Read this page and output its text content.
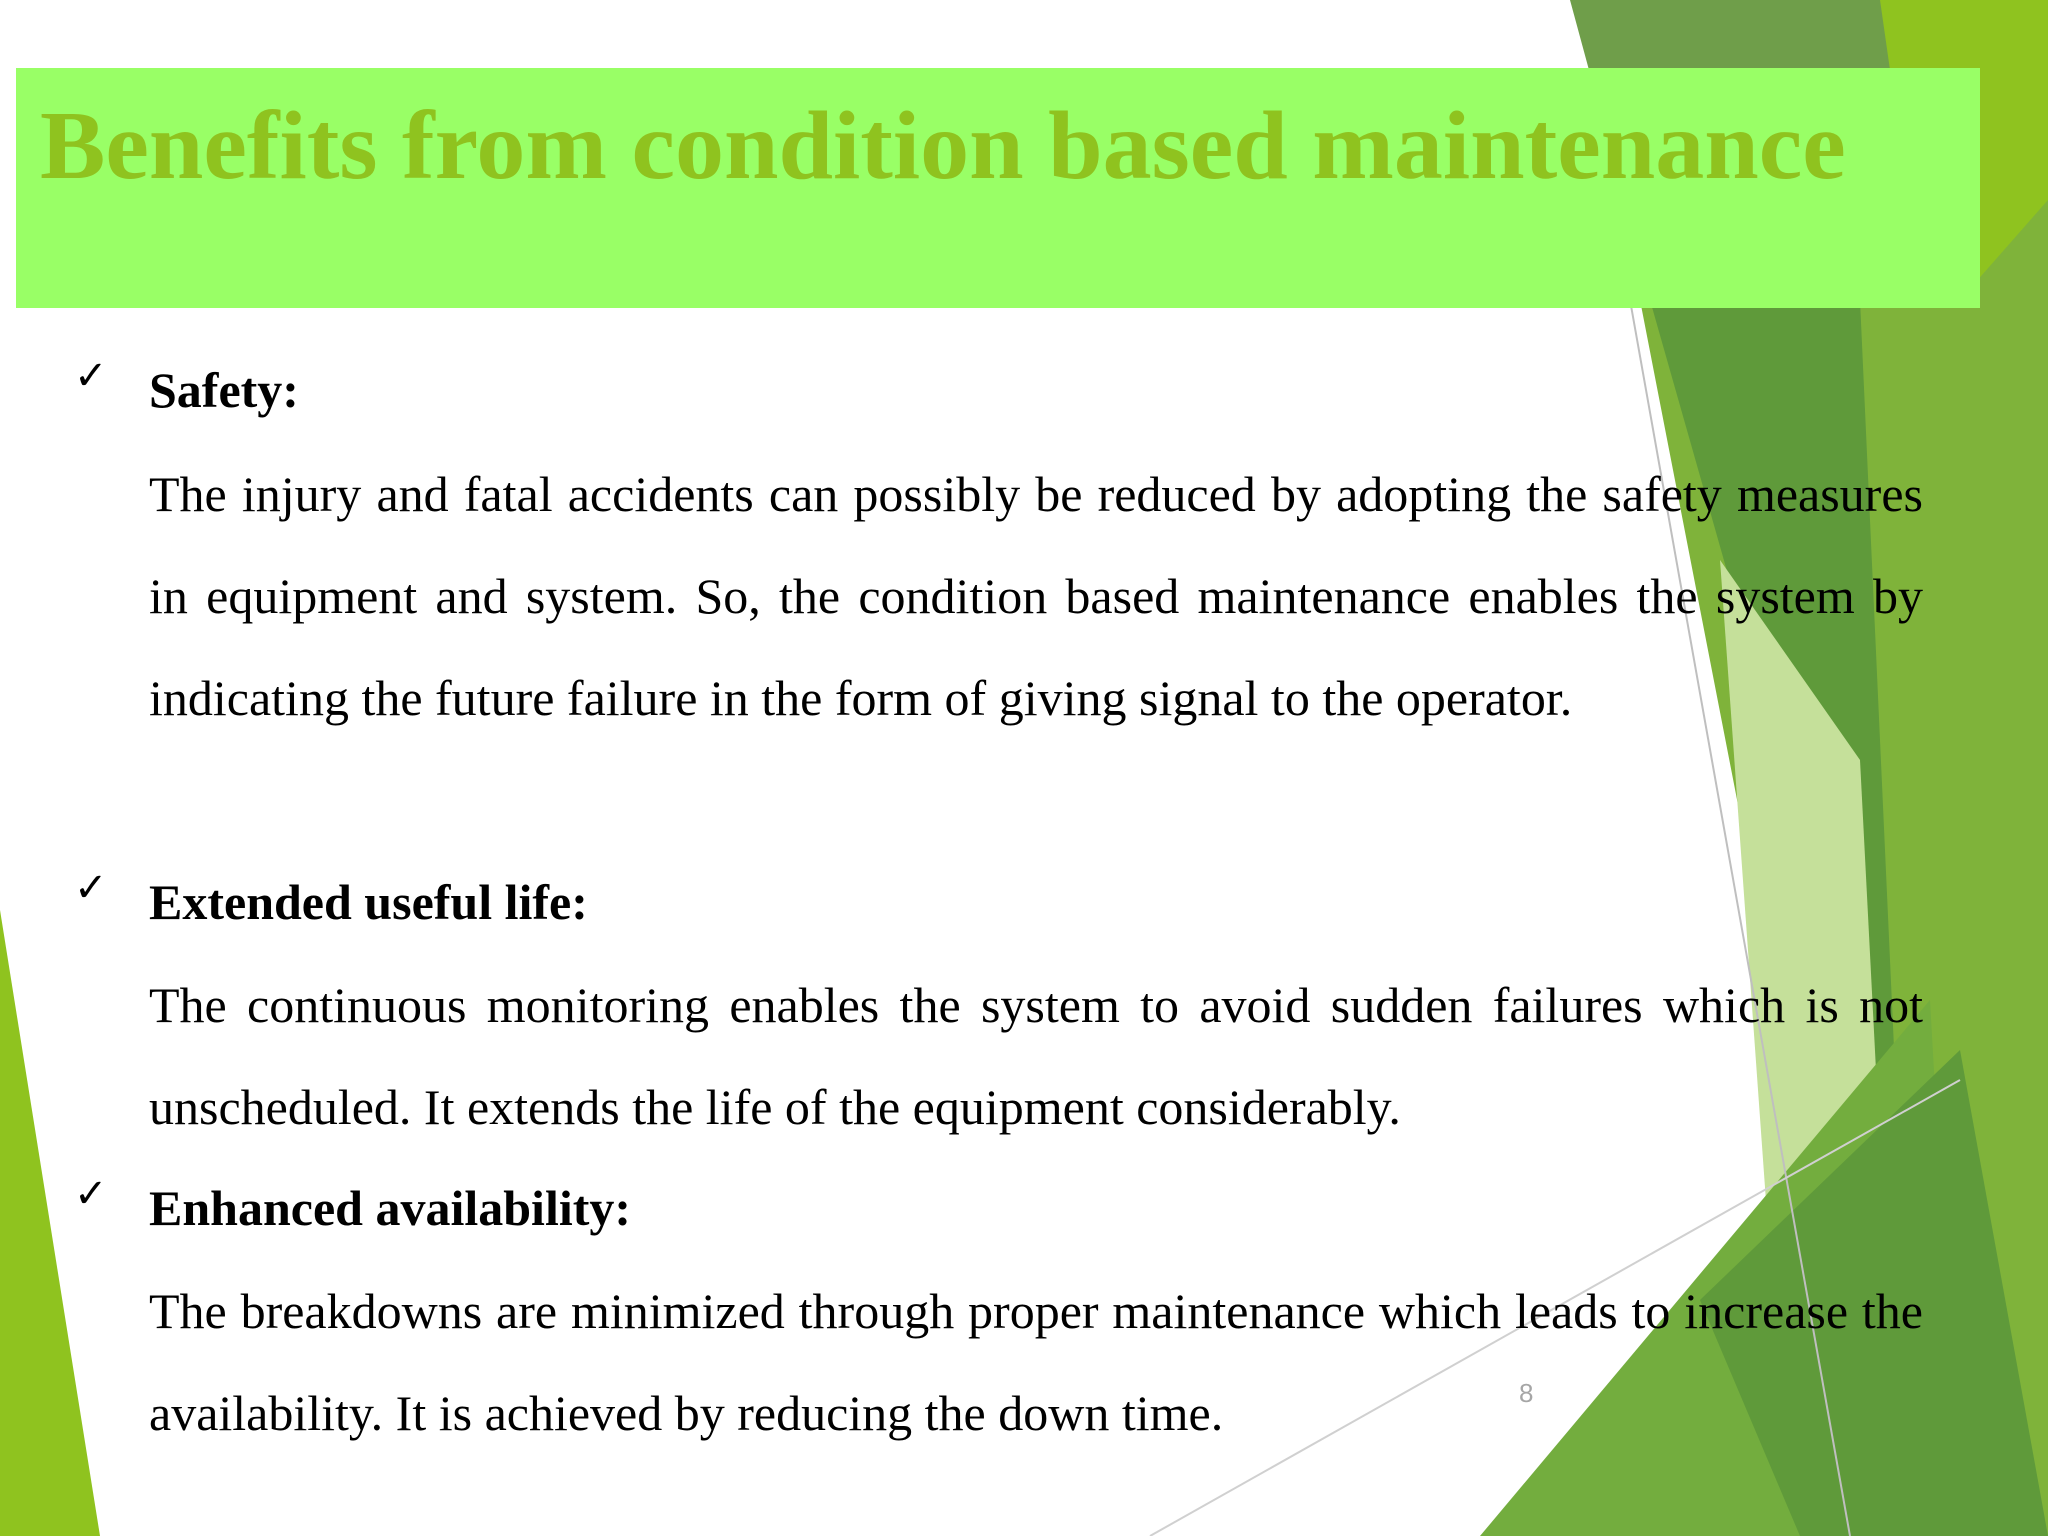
Benefits from condition based maintenance
✓ Safety:

The injury and fatal accidents can possibly be reduced by adopting the safety measures in equipment and system. So, the condition based maintenance enables the system by indicating the future failure in the form of giving signal to the operator.

✓ Extended useful life:

The continuous monitoring enables the system to avoid sudden failures which is not unscheduled. It extends the life of the equipment considerably.

✓ Enhanced availability:

The breakdowns are minimized through proper maintenance which leads to increase the availability. It is achieved by reducing the down time.	8
